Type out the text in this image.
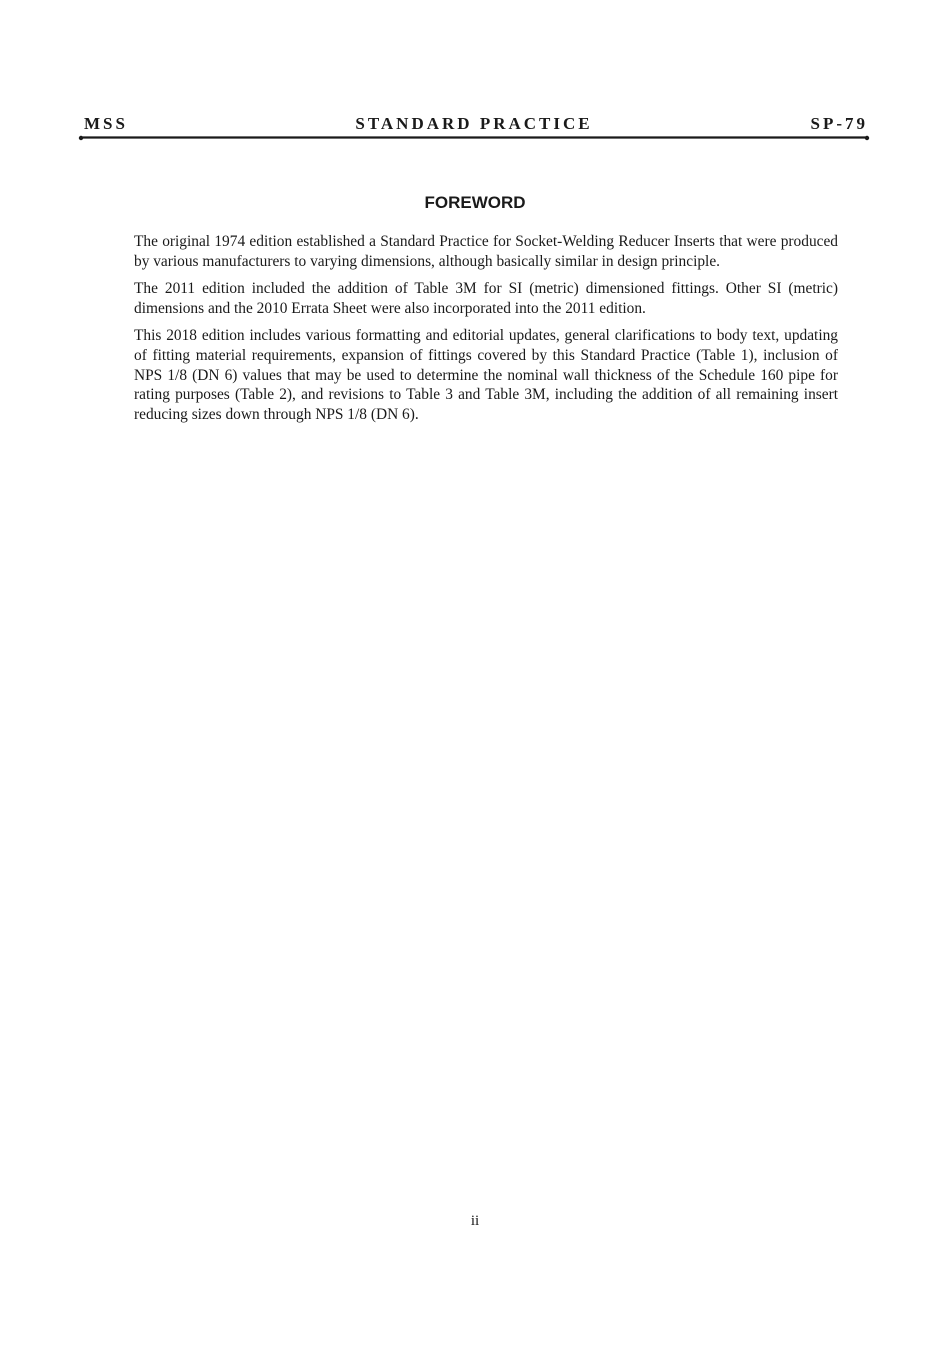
MSS	STANDARD PRACTICE	SP-79
FOREWORD

The original 1974 edition established a Standard Practice for Socket-Welding Reducer Inserts that were produced by various manufacturers to varying dimensions, although basically similar in design principle.

The 2011 edition included the addition of Table 3M for SI (metric) dimensioned fittings. Other SI (metric) dimensions and the 2010 Errata Sheet were also incorporated into the 2011 edition.

This 2018 edition includes various formatting and editorial updates, general clarifications to body text, updating of fitting material requirements, expansion of fittings covered by this Standard Practice (Table 1), inclusion of NPS 1/8 (DN 6) values that may be used to determine the nominal wall thickness of the Schedule 160 pipe for rating purposes (Table 2), and revisions to Table 3 and Table 3M, including the addition of all remaining insert reducing sizes down through NPS 1/8 (DN 6).

ii
